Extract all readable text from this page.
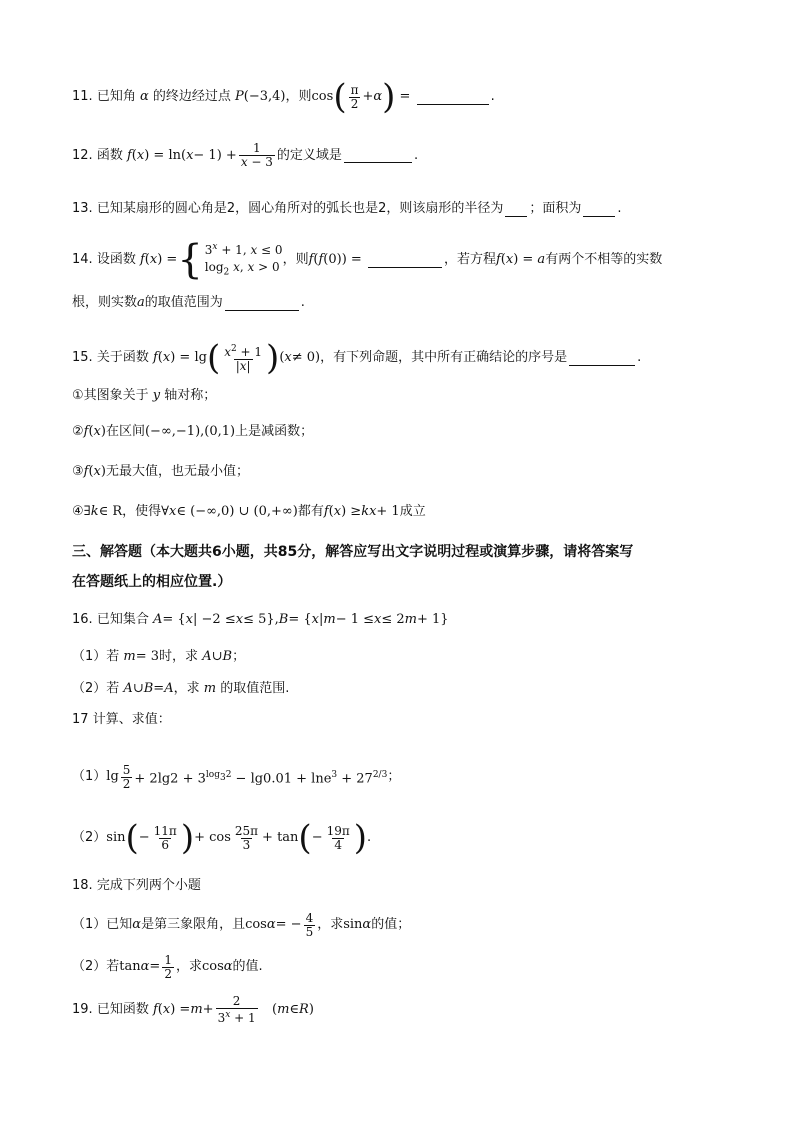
11.
已知角 α 的终边经过点 P (−3,4) ，则 cos ( $\frac{\pi}{2} + \alpha$ ) =	.
12.
函数 f ( x ) = ln( $x - 1) + \frac{1}{x - 3}$ 的定义域是	.
13.
已知某扇形的圆心角是2，圆心角所对的弧长也是2，则该扇形的半径为 ；面积为	.
14.
设函数 f ( x ) = { $3^x + 1$, x ≤ 0
$\log_2 x$, x > 0 ，则 f ( f (0)) =	，若方程 f ( x ) = a 有两个不相等的实数
根，则实数 a 的取值范围为	.
15.
关于函数 f ( x ) = lg ( $\frac{x^2 + 1}{|x|}$ ) ( x ≠ 0) ，有下列命题，其中所有正确结论的序号是	.
①其图象关于 y 轴对称；
② f ( x ) 在区间 (−∞,−1),(0,1) 上是减函数；
③ f ( x ) 无最大值，也无最小值；
④ ∃ k ∈ R ，使得 ∀ x ∈ (−∞,0) ∪ (0,+∞) 都有 f ( x ) ≥ kx + 1 成立
三、解答题（本大题共6小题，共85分，解答应写出文字说明过程或演算步骤，请将答案写
在答题纸上的相应位置.）
16.
已知集合 A = { x | −2 ≤ x ≤ 5}, B = { x | m − 1 ≤ x ≤ 2 m + 1}
（1）若 m = 3 时，求 A ∪ B ；
（2）若 A ∪ B = A ，求 m 的取值范围.
17
计算、求值：
（1） $\lg \frac{5}{2} + 2\lg 2 + 3^{log_32} - \lg 0.01 + \ln e^3 + 27^{2/3}$ ；
（2） sin ( − $\frac{11\pi}{6}$ ) + $\cos \frac{25\pi}{3} + \tan$ ( − $\frac{19\pi}{4}$ ) .
18.
完成下列两个小题
（1）已知 α 是第三象限角，且 cos α = − $\frac{4}{5}$ ，求 sin α 的值；
（2）若 $\tan \alpha = \frac{1}{2}$ ，求 cos α 的值.
19.
已知函数 f ( x ) = $m + \frac{2}{3^x + 1}$ ( m ∈ R )
